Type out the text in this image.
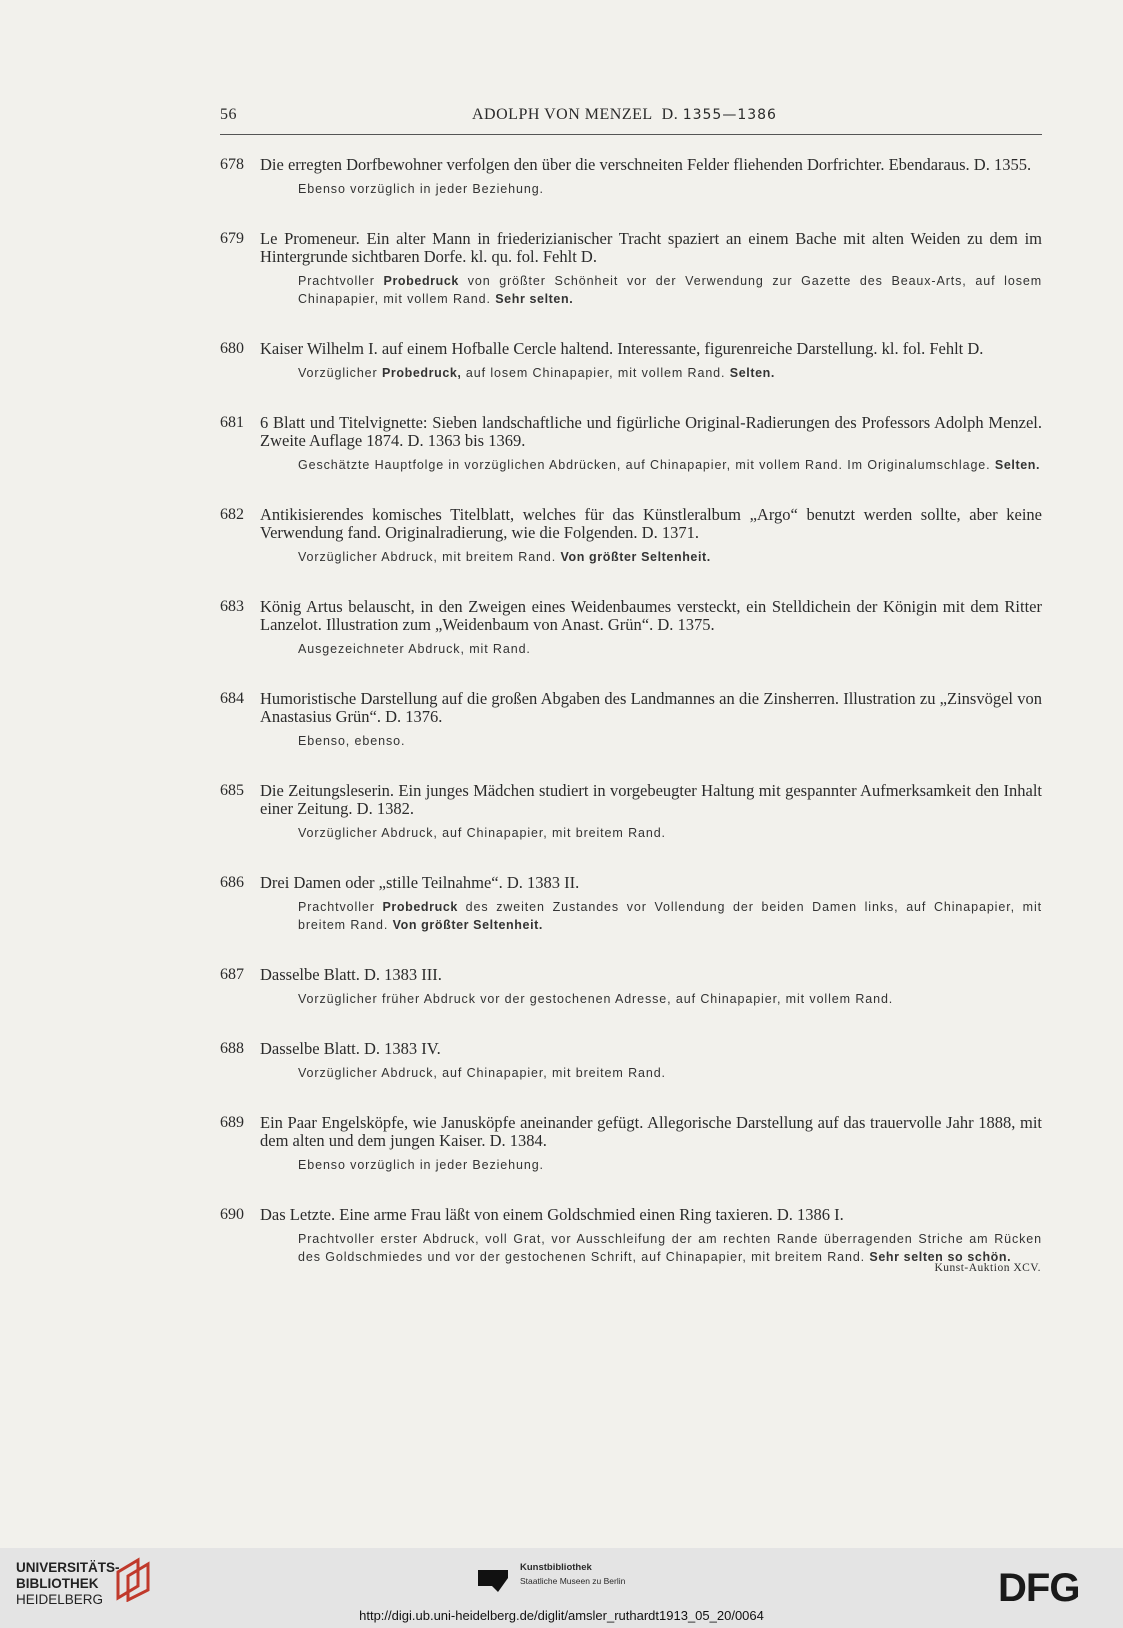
56	ADOLPH VON MENZEL D. 1355—1386
678 Die erregten Dorfbewohner verfolgen den über die verschneiten Felder fliehenden Dorfrichter. Ebendaraus. D. 1355.
Ebenso vorzüglich in jeder Beziehung.
679 Le Promeneur. Ein alter Mann in friederizianischer Tracht spaziert an einem Bache mit alten Weiden zu dem im Hintergrunde sichtbaren Dorfe. kl. qu. fol. Fehlt D.
Prachtvoller Probedruck von größter Schönheit vor der Verwendung zur Gazette des Beaux-Arts, auf losem Chinapapier, mit vollem Rand. Sehr selten.
680 Kaiser Wilhelm I. auf einem Hofballe Cercle haltend. Interessante, figurenreiche Darstellung. kl. fol. Fehlt D.
Vorzüglicher Probedruck, auf losem Chinapapier, mit vollem Rand. Selten.
681 6 Blatt und Titelvignette: Sieben landschaftliche und figürliche Original-Radierungen des Professors Adolph Menzel. Zweite Auflage 1874. D. 1363 bis 1369.
Geschätzte Hauptfolge in vorzüglichen Abdrücken, auf Chinapapier, mit vollem Rand. Im Originalumschlage. Selten.
682 Antikisierendes komisches Titelblatt, welches für das Künstleralbum „Argo“ benutzt werden sollte, aber keine Verwendung fand. Originalradierung, wie die Folgenden. D. 1371.
Vorzüglicher Abdruck, mit breitem Rand. Von größter Seltenheit.
683 König Artus belauscht, in den Zweigen eines Weidenbaumes versteckt, ein Stelldichein der Königin mit dem Ritter Lanzelot. Illustration zum „Weidenbaum von Anast. Grün“. D. 1375.
Ausgezeichneter Abdruck, mit Rand.
684 Humoristische Darstellung auf die großen Abgaben des Landmannes an die Zinsherren. Illustration zu „Zinsvögel von Anastasius Grün“. D. 1376.
Ebenso, ebenso.
685 Die Zeitungsleserin. Ein junges Mädchen studiert in vorgebeugter Haltung mit gespannter Aufmerksamkeit den Inhalt einer Zeitung. D. 1382.
Vorzüglicher Abdruck, auf Chinapapier, mit breitem Rand.
686 Drei Damen oder „stille Teilnahme“. D. 1383 II.
Prachtvoller Probedruck des zweiten Zustandes vor Vollendung der beiden Damen links, auf Chinapapier, mit breitem Rand. Von größter Seltenheit.
687 Dasselbe Blatt. D. 1383 III.
Vorzüglicher früher Abdruck vor der gestochenen Adresse, auf Chinapapier, mit vollem Rand.
688 Dasselbe Blatt. D. 1383 IV.
Vorzüglicher Abdruck, auf Chinapapier, mit breitem Rand.
689 Ein Paar Engelsköpfe, wie Janusköpfe aneinander gefügt. Allegorische Darstellung auf das trauervolle Jahr 1888, mit dem alten und dem jungen Kaiser. D. 1384.
Ebenso vorzüglich in jeder Beziehung.
690 Das Letzte. Eine arme Frau läßt von einem Goldschmied einen Ring taxieren. D. 1386 I.
Prachtvoller erster Abdruck, voll Grat, vor Ausschleifung der am rechten Rande überragenden Striche am Rücken des Goldschmiedes und vor der gestochenen Schrift, auf Chinapapier, mit breitem Rand. Sehr selten so schön.
Kunst-Auktion XCV.
UNIVERSITÄTS-
BIBLIOTHEK
HEIDELBERG
Kunstbibliothek
Staatliche Museen zu Berlin	DFG
http://digi.ub.uni-heidelberg.de/diglit/amsler_ruthardt1913_05_20/0064
